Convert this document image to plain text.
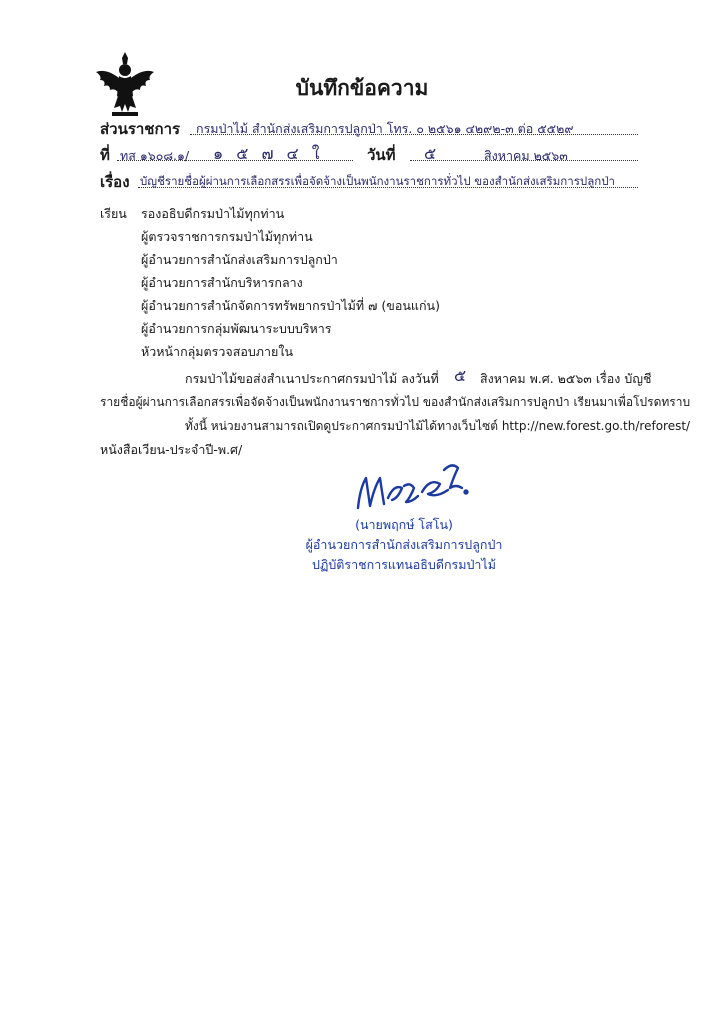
บันทึกข้อความ
ส่วนราชการ กรมป่าไม้ สำนักส่งเสริมการปลูกป่า โทร. ๐ ๒๕๖๑ ๔๒๙๒-๓ ต่อ ๕๕๒๙
ที่ ทส ๑๖๐๘.๑/ ๑ ๕ ๗ ๔ ใ	วันที่ ๕	สิงหาคม ๒๕๖๓
เรื่อง บัญชีรายชื่อผู้ผ่านการเลือกสรรเพื่อจัดจ้างเป็นพนักงานราชการทั่วไป ของสำนักส่งเสริมการปลูกป่า
เรียน รองอธิบดีกรมป่าไม้ทุกท่าน
ผู้ตรวจราชการกรมป่าไม้ทุกท่าน
ผู้อำนวยการสำนักส่งเสริมการปลูกป่า
ผู้อำนวยการสำนักบริหารกลาง
ผู้อำนวยการสำนักจัดการทรัพยากรป่าไม้ที่ ๗ (ขอนแก่น)
ผู้อำนวยการกลุ่มพัฒนาระบบบริหาร
หัวหน้ากลุ่มตรวจสอบภายใน
กรมป่าไม้ขอส่งสำเนาประกาศกรมป่าไม้ ลงวันที่ ๕ สิงหาคม พ.ศ. ๒๕๖๓ เรื่อง บัญชี
รายชื่อผู้ผ่านการเลือกสรรเพื่อจัดจ้างเป็นพนักงานราชการทั่วไป ของสำนักส่งเสริมการปลูกป่า เรียนมาเพื่อโปรดทราบ
ทั้งนี้ หน่วยงานสามารถเปิดดูประกาศกรมป่าไม้ได้ทางเว็บไซต์ http://new.forest.go.th/reforest/
หนังสือเวียน-ประจำปี-พ.ศ/
(นายพฤกษ์ โสโน)
ผู้อำนวยการสำนักส่งเสริมการปลูกป่า
ปฏิบัติราชการแทนอธิบดีกรมป่าไม้
